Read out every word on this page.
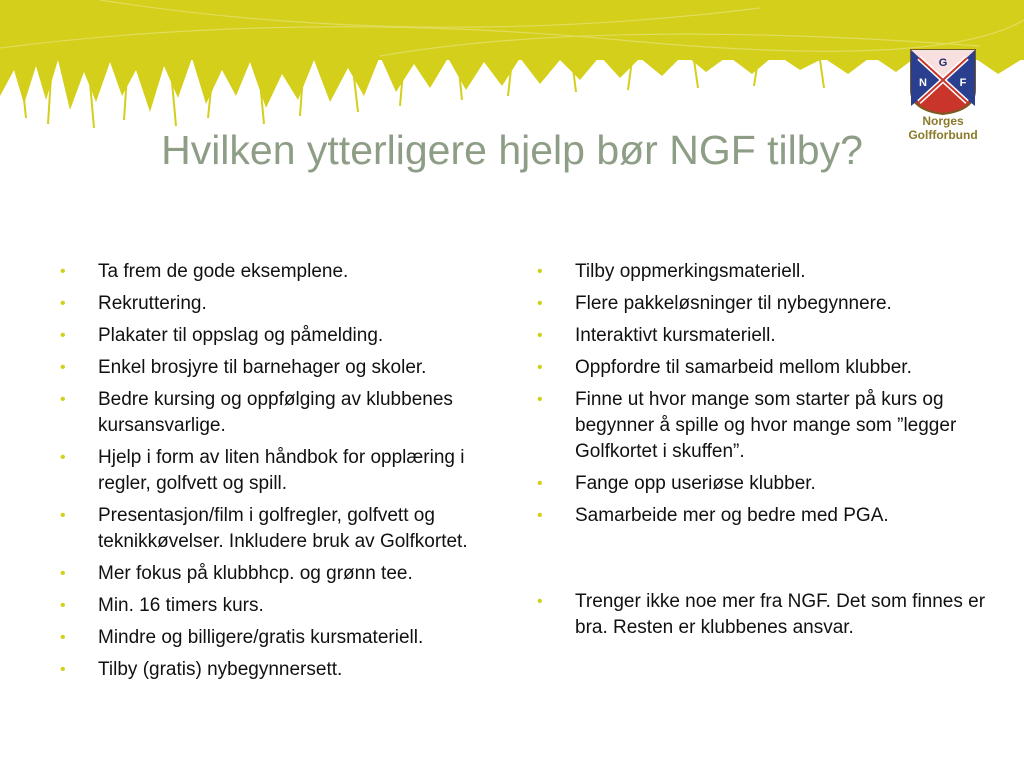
G
N	F
Norges
Golfforbund
Hvilken ytterligere hjelp bør NGF tilby?
• Ta frem de gode eksemplene.
• Rekruttering.
• Plakater til oppslag og påmelding.
• Enkel brosjyre til barnehager og skoler.
• Bedre kursing og oppfølging av klubbenes kursansvarlige.
• Hjelp i form av liten håndbok for opplæring i regler, golfvett og spill.
• Presentasjon/film i golfregler, golfvett og teknikkøvelser. Inkludere bruk av Golfkortet.
• Mer fokus på klubbhcp. og grønn tee.
• Min. 16 timers kurs.
• Mindre og billigere/gratis kursmateriell.
• Tilby (gratis) nybegynnersett.
• Tilby oppmerkingsmateriell.
• Flere pakkeløsninger til nybegynnere.
• Interaktivt kursmateriell.
• Oppfordre til samarbeid mellom klubber.
• Finne ut hvor mange som starter på kurs og begynner å spille og hvor mange som ”legger Golfkortet i skuffen”.
• Fange opp useriøse klubber.
• Samarbeide mer og bedre med PGA.
• Trenger ikke noe mer fra NGF. Det som finnes er bra. Resten er klubbenes ansvar.
